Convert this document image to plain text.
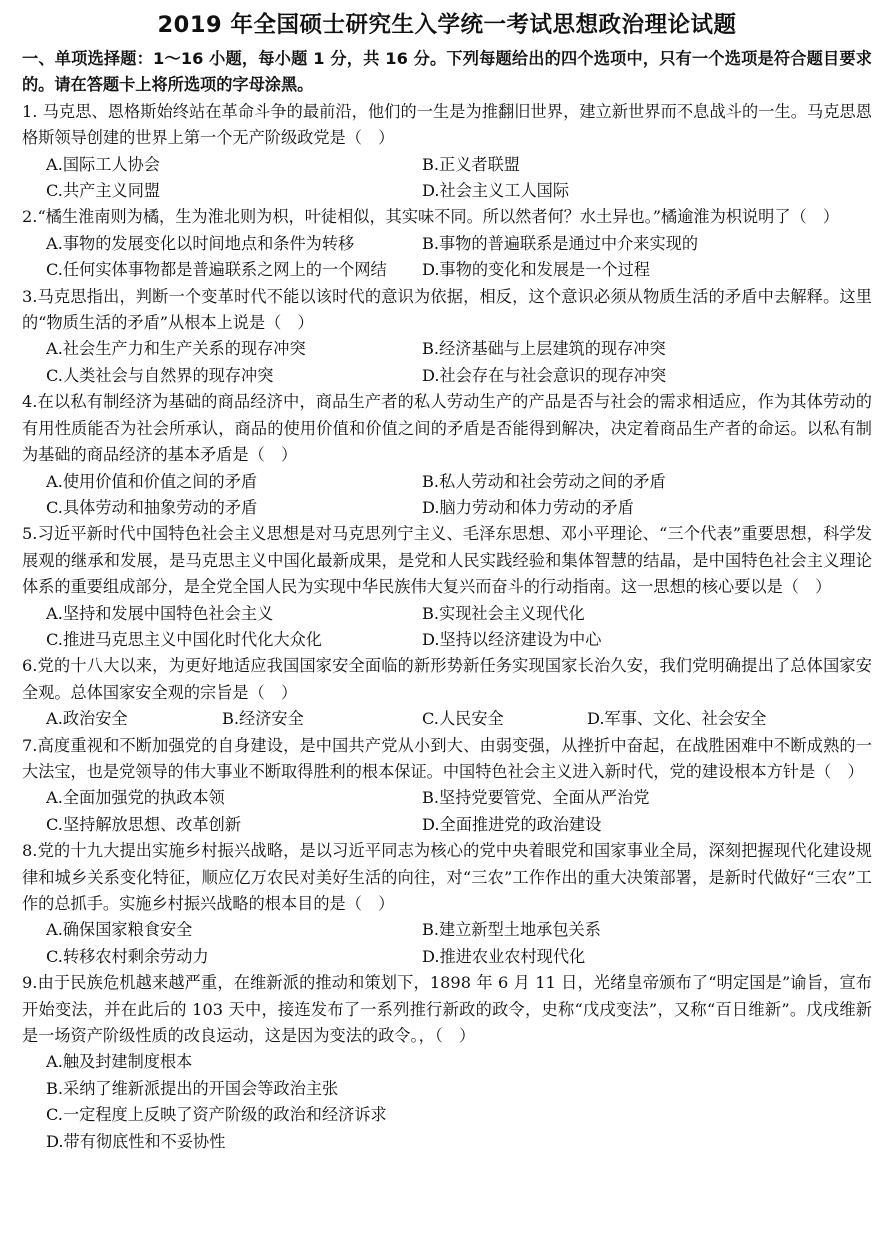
2019 年全国硕士研究生入学统一考试思想政治理论试题
一、单项选择题：1～16 小题，每小题 1 分，共 16 分。下列每题给出的四个选项中，只有一个选项是符合题目要求的。请在答题卡上将所选项的字母涂黑。
1. 马克思、恩格斯始终站在革命斗争的最前沿，他们的一生是为推翻旧世界，建立新世界而不息战斗的一生。马克思恩格斯领导创建的世界上第一个无产阶级政党是（　）
A.国际工人协会	B.正义者联盟
C.共产主义同盟	D.社会主义工人国际
2.“橘生淮南则为橘，生为淮北则为枳，叶徒相似，其实味不同。所以然者何？水土异也。”橘逾淮为枳说明了（　）
A.事物的发展变化以时间地点和条件为转移	B.事物的普遍联系是通过中介来实现的
C.任何实体事物都是普遍联系之网上的一个网结	D.事物的变化和发展是一个过程
3.马克思指出，判断一个变革时代不能以该时代的意识为依据，相反，这个意识必须从物质生活的矛盾中去解释。这里的“物质生活的矛盾”从根本上说是（　）
A.社会生产力和生产关系的现存冲突	B.经济基础与上层建筑的现存冲突
C.人类社会与自然界的现存冲突	D.社会存在与社会意识的现存冲突
4.在以私有制经济为基础的商品经济中，商品生产者的私人劳动生产的产品是否与社会的需求相适应，作为其体劳动的有用性质能否为社会所承认，商品的使用价值和价值之间的矛盾是否能得到解决，决定着商品生产者的命运。以私有制为基础的商品经济的基本矛盾是（　）
A.使用价值和价值之间的矛盾	B.私人劳动和社会劳动之间的矛盾
C.具体劳动和抽象劳动的矛盾	D.脑力劳动和体力劳动的矛盾
5.习近平新时代中国特色社会主义思想是对马克思列宁主义、毛泽东思想、邓小平理论、“三个代表”重要思想，科学发展观的继承和发展，是马克思主义中国化最新成果，是党和人民实践经验和集体智慧的结晶，是中国特色社会主义理论体系的重要组成部分，是全党全国人民为实现中华民族伟大复兴而奋斗的行动指南。这一思想的核心要以是（　）
A.坚持和发展中国特色社会主义	B.实现社会主义现代化
C.推进马克思主义中国化时代化大众化	D.坚持以经济建设为中心
6.党的十八大以来，为更好地适应我国国家安全面临的新形势新任务实现国家长治久安，我们党明确提出了总体国家安全观。总体国家安全观的宗旨是（　）
A.政治安全	B.经济安全	C.人民安全	D.军事、文化、社会安全
7.高度重视和不断加强党的自身建设，是中国共产党从小到大、由弱变强，从挫折中奋起，在战胜困难中不断成熟的一大法宝，也是党领导的伟大事业不断取得胜利的根本保证。中国特色社会主义进入新时代，党的建设根本方针是（　）
A.全面加强党的执政本领	B.坚持党要管党、全面从严治党
C.坚持解放思想、改革创新	D.全面推进党的政治建设
8.党的十九大提出实施乡村振兴战略，是以习近平同志为核心的党中央着眼党和国家事业全局，深刻把握现代化建设规律和城乡关系变化特征，顺应亿万农民对美好生活的向往，对“三农”工作作出的重大决策部署，是新时代做好“三农”工作的总抓手。实施乡村振兴战略的根本目的是（　）
A.确保国家粮食安全	B.建立新型土地承包关系
C.转移农村剩余劳动力	D.推进农业农村现代化
9.由于民族危机越来越严重，在维新派的推动和策划下，1898 年 6 月 11 日，光绪皇帝颁布了“明定国是”谕旨，宣布开始变法，并在此后的 103 天中，接连发布了一系列推行新政的政令，史称“戊戌变法”，又称“百日维新”。戊戌维新是一场资产阶级性质的改良运动，这是因为变法的政令。，（　）
A.触及封建制度根本
B.采纳了维新派提出的开国会等政治主张
C.一定程度上反映了资产阶级的政治和经济诉求
D.带有彻底性和不妥协性
